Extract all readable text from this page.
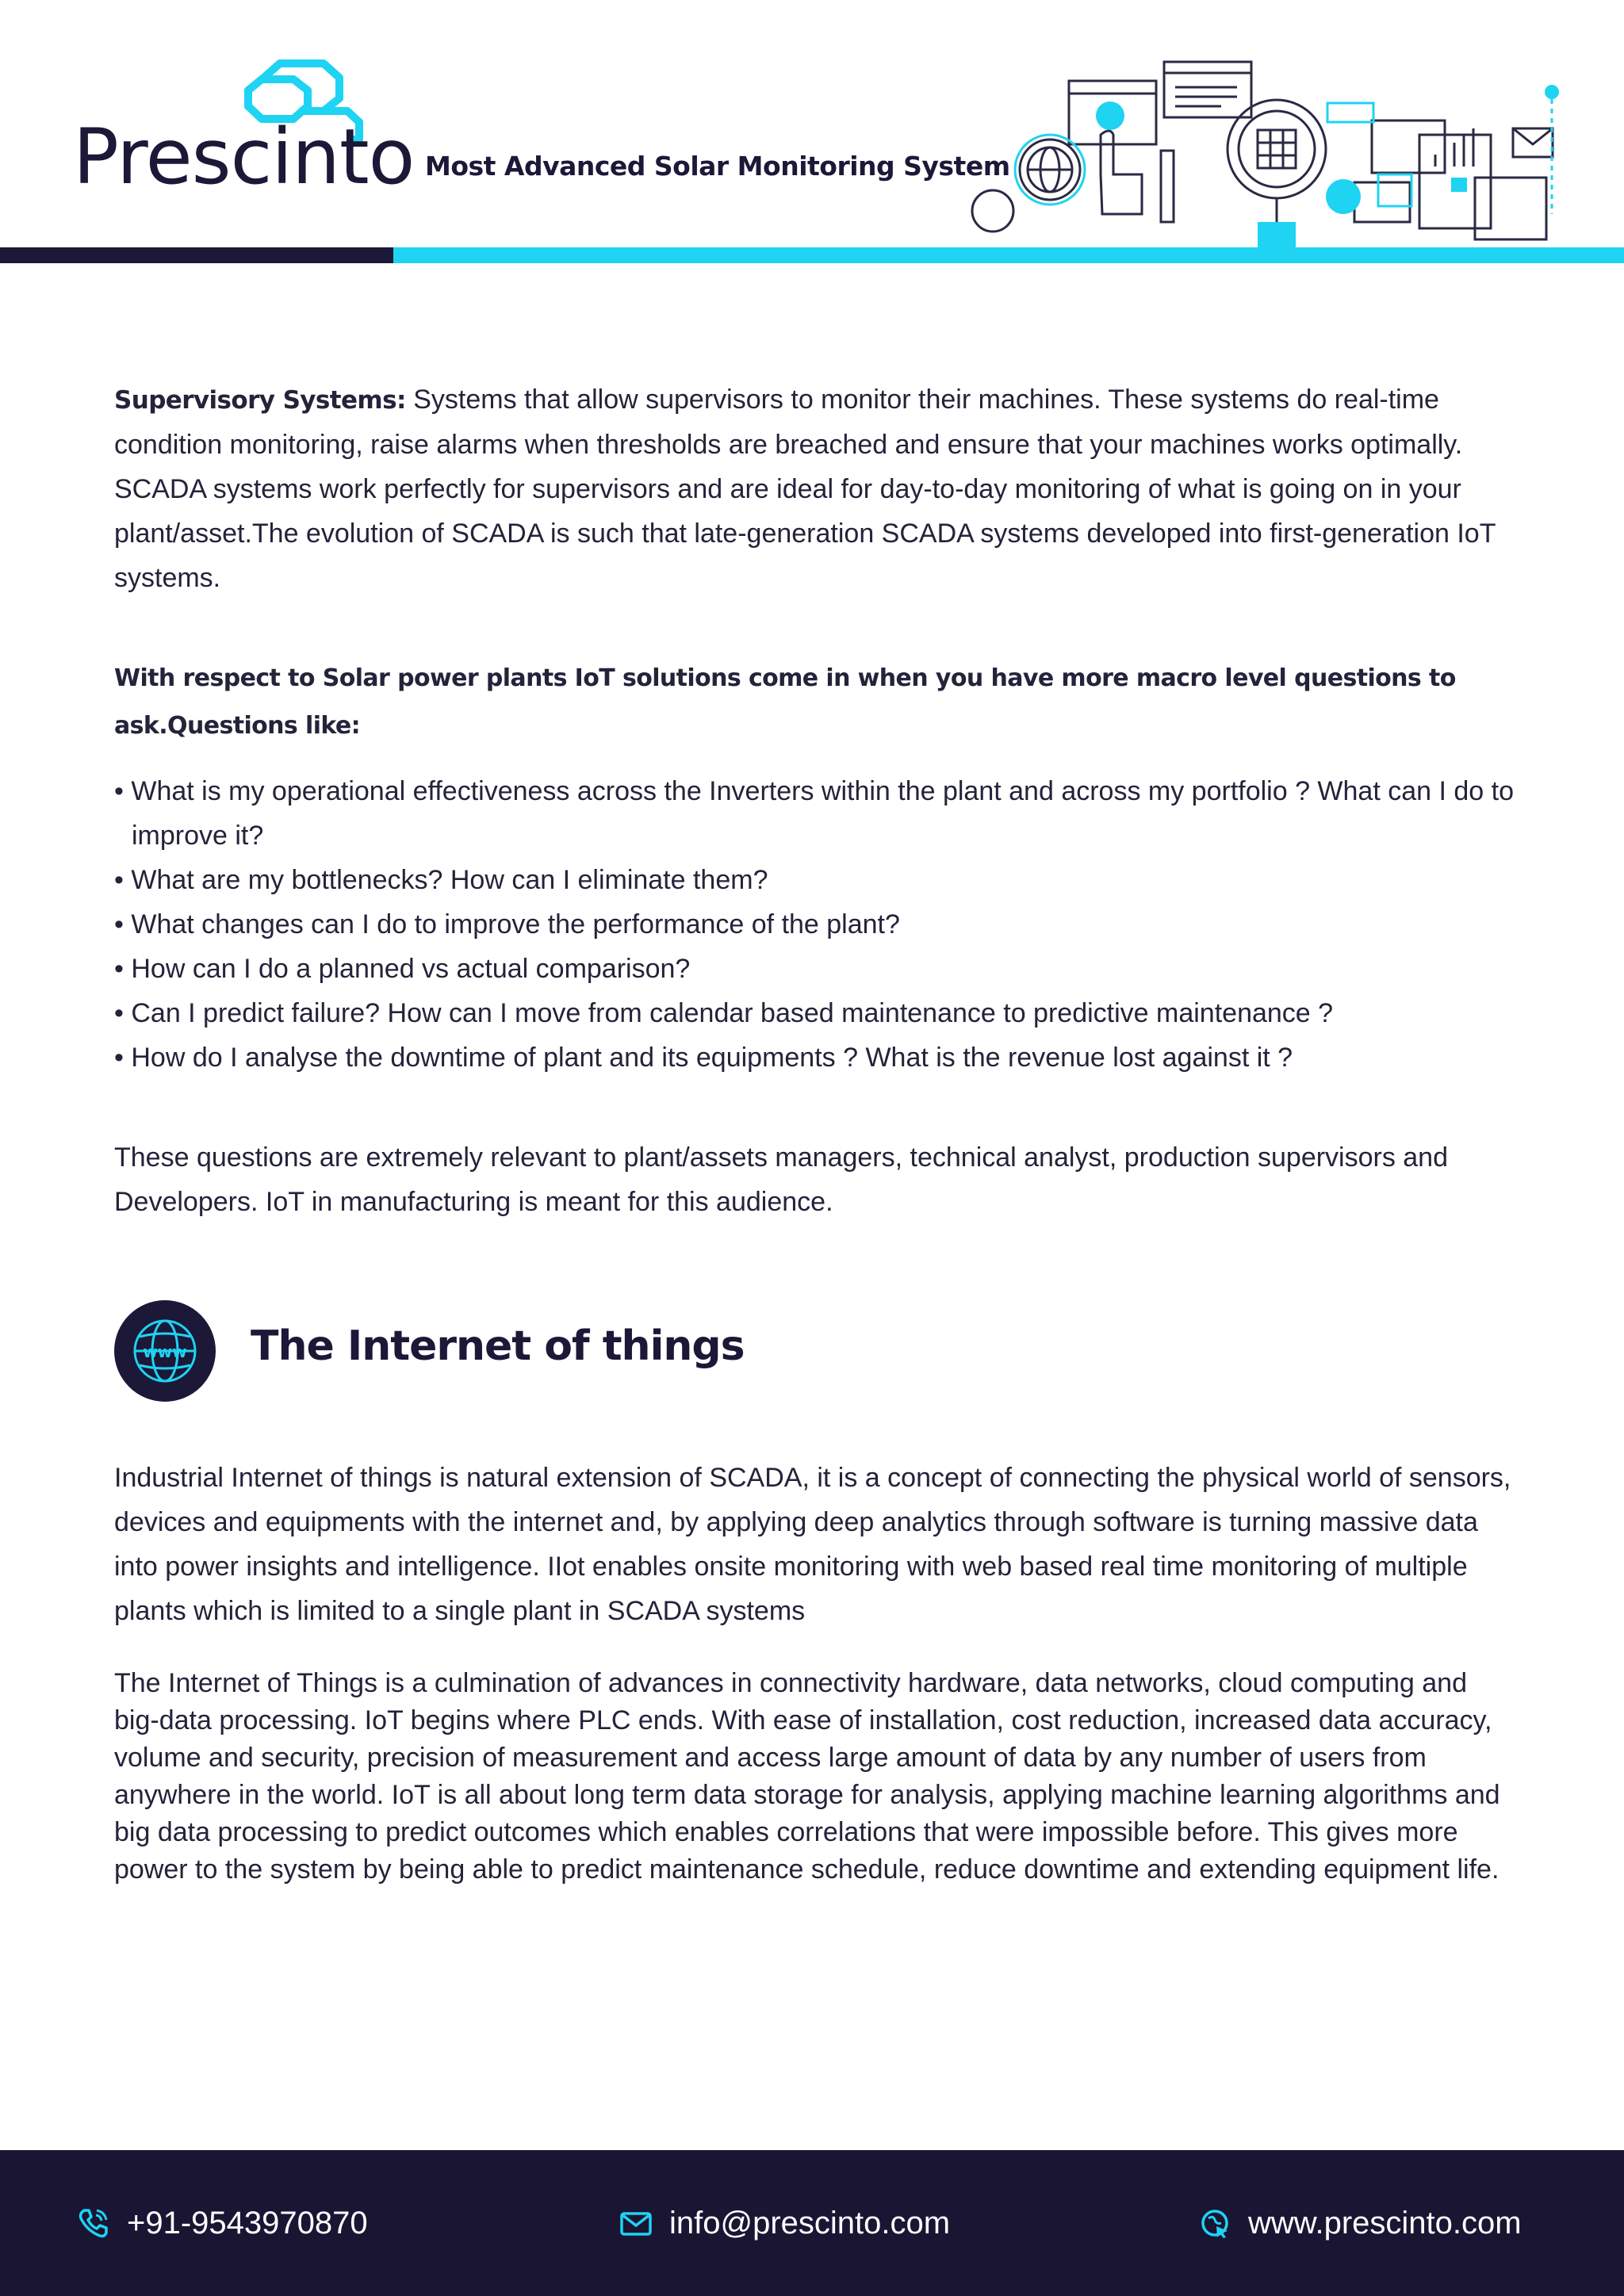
Prescinto Most Advanced Solar Monitoring System
Supervisory Systems: Systems that allow supervisors to monitor their machines. These systems do real-time condition monitoring, raise alarms when thresholds are breached and ensure that your machines works optimally. SCADA systems work perfectly for supervisors and are ideal for day-to-day monitoring of what is going on in your plant/asset.The evolution of SCADA is such that late-generation SCADA systems developed into first-generation IoT systems.
With respect to Solar power plants IoT solutions come in when you have more macro level questions to ask.Questions like:
• What is my operational effectiveness across the Inverters within the plant and across my portfolio ? What can I do to improve it?
• What are my bottlenecks? How can I eliminate them?
• What changes can I do to improve the performance of the plant?
• How can I do a planned vs actual comparison?
• Can I predict failure? How can I move from calendar based maintenance to predictive maintenance ?
• How do I analyse the downtime of plant and its equipments ? What is the revenue lost against it ?
These questions are extremely relevant to plant/assets managers, technical analyst, production supervisors and Developers. IoT in manufacturing is meant for this audience.
www The Internet of things
Industrial Internet of things is natural extension of SCADA, it is a concept of connecting the physical world of sensors, devices and equipments with the internet and, by applying deep analytics through software is turning massive data into power insights and intelligence. IIot enables onsite monitoring with web based real time monitoring of multiple plants which is limited to a single plant in SCADA systems
The Internet of Things is a culmination of advances in connectivity hardware, data networks, cloud computing and big-data processing. IoT begins where PLC ends. With ease of installation, cost reduction, increased data accuracy, volume and security, precision of measurement and access large amount of data by any number of users from anywhere in the world. IoT is all about long term data storage for analysis, applying machine learning algorithms and big data processing to predict outcomes which enables correlations that were impossible before. This gives more power to the system by being able to predict maintenance schedule, reduce downtime and extending equipment life.
+91-9543970870	info@prescinto.com	www.prescinto.com
